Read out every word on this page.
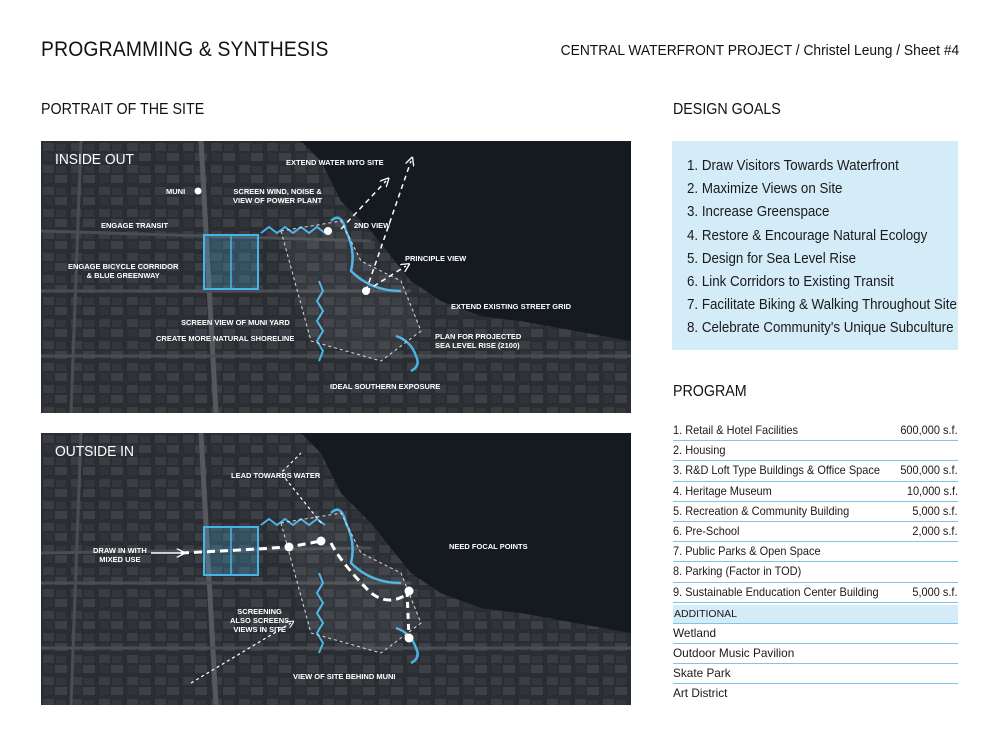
PROGRAMMING & SYNTHESIS	CENTRAL WATERFRONT PROJECT / Christel Leung / Sheet #4
PORTRAIT OF THE SITE	DESIGN GOALS
PROGRAM
INSIDE OUT
MUNI
EXTEND WATER INTO SITE
SCREEN WIND, NOISE &
VIEW OF POWER PLANT
ENGAGE TRANSIT	2ND VIEW
ENGAGE BICYCLE CORRIDOR
& BLUE GREENWAY
PRINCIPLE VIEW
EXTEND EXISTING STREET GRID
SCREEN VIEW OF MUNI YARD
CREATE MORE NATURAL SHORELINE	PLAN FOR PROJECTED
SEA LEVEL RISE (2100)
IDEAL SOUTHERN EXPOSURE
OUTSIDE IN
LEAD TOWARDS WATER
DRAW IN WITH
MIXED USE
NEED FOCAL POINTS
SCREENING
ALSO SCREENS
VIEWS IN SITE
VIEW OF SITE BEHIND MUNI
1. Draw Visitors Towards Waterfront
2. Maximize Views on Site
3. Increase Greenspace
4. Restore & Encourage Natural Ecology
5. Design for Sea Level Rise
6. Link Corridors to Existing Transit
7. Facilitate Biking & Walking Throughout Site
8. Celebrate Community's Unique Subculture
1. Retail & Hotel Facilities	600,000 s.f.
2. Housing
3. R&D Loft Type Buildings & Office Space 500,000 s.f.
4. Heritage Museum	10,000 s.f.
5. Recreation & Community Building	5,000 s.f.
6. Pre-School	2,000 s.f.
7. Public Parks & Open Space
8. Parking (Factor in TOD)
9. Sustainable Enducation Center Building	5,000 s.f.
ADDITIONAL
Wetland
Outdoor Music Pavilion
Skate Park
Art District
